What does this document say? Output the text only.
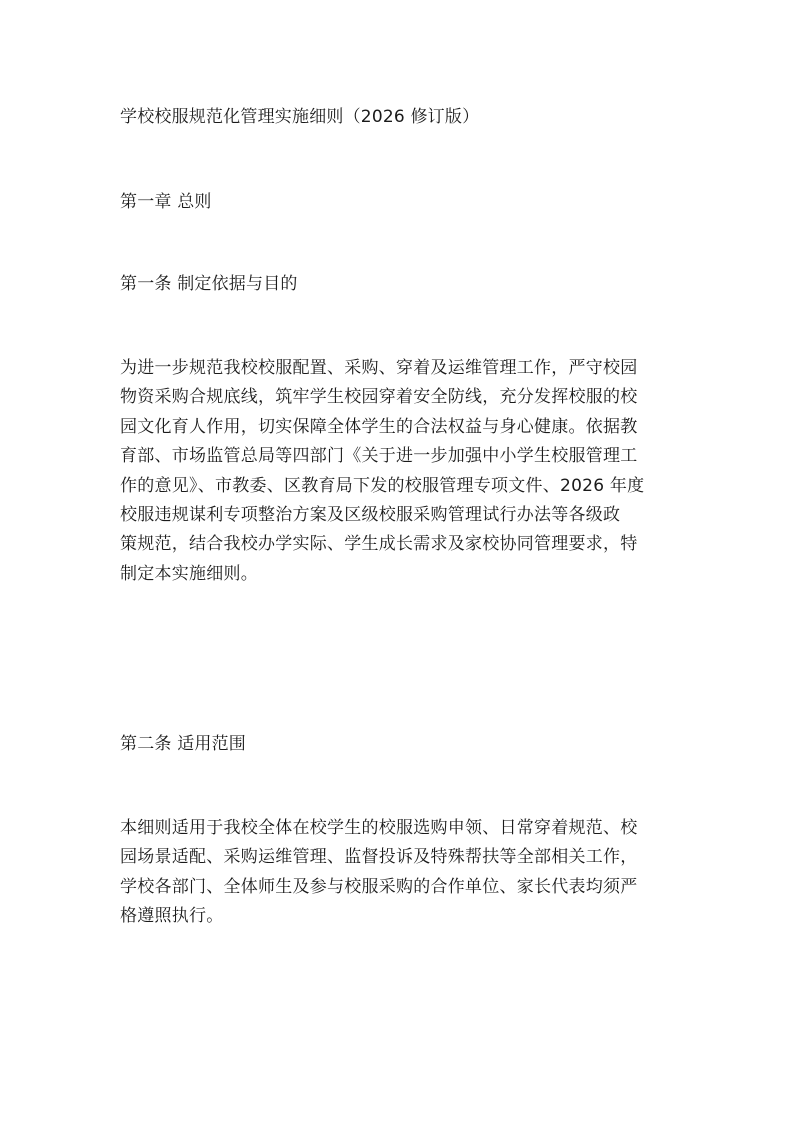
学校校服规范化管理实施细则（2026 修订版）
第一章 总则
第一条 制定依据与目的
为进一步规范我校校服配置、采购、穿着及运维管理工作，严守校园
物资采购合规底线，筑牢学生校园穿着安全防线，充分发挥校服的校
园文化育人作用，切实保障全体学生的合法权益与身心健康。依据教
育部、市场监管总局等四部门《关于进一步加强中小学生校服管理工
作的意见》、市教委、区教育局下发的校服管理专项文件、2026 年度
校服违规谋利专项整治方案及区级校服采购管理试行办法等各级政
策规范，结合我校办学实际、学生成长需求及家校协同管理要求，特
制定本实施细则。
第二条 适用范围
本细则适用于我校全体在校学生的校服选购申领、日常穿着规范、校
园场景适配、采购运维管理、监督投诉及特殊帮扶等全部相关工作，
学校各部门、全体师生及参与校服采购的合作单位、家长代表均须严
格遵照执行。
